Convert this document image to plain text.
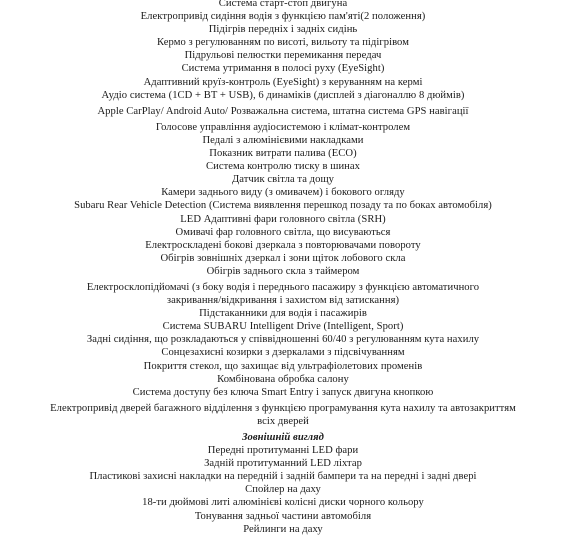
Система старт-стоп двигуна
Електропривід сидіння водія з функцією пам'яті(2 положення)
Підігрів передніх і задніх сидінь
Кермо з регулюванням по висоті, вильоту та підігрівом
Підрульові пелюстки перемикання передач
Система утримання в полосі руху (EyeSight)
Адаптивний круїз-контроль (EyeSight) з керуванням на кермі
Аудіо система (1CD + BT + USB), 6 динаміків (дисплей з діагоналлю 8 дюймів)
Apple CarPlay/ Android Auto/ Розважальна система, штатна система GPS навігації
Голосове управління аудіосистемою і клімат-контролем
Педалі з алюмінієвими накладками
Показник витрати палива (ECO)
Система контролю тиску в шинах
Датчик світла та дощу
Камери заднього виду (з омивачем) і бокового огляду
Subaru Rear Vehicle Detection (Система виявлення перешкод позаду та по боках автомобіля)
LED Адаптивні фари головного світла (SRH)
Омивачі фар головного світла, що висуваються
Електроскладені бокові дзеркала з повторювачами повороту
Обігрів зовнішніх дзеркал і зони щіток лобового скла
Обігрів заднього скла з таймером
Електросклопідйомачі (з боку водія і переднього пасажиру з функцією автоматичного
закривання/відкривання і захистом від затискання)
Підстаканники для водія і пасажирів
Система SUBARU Intelligent Drive (Intelligent, Sport)
Задні сидіння, що розкладаються у співвідношенні 60/40 з регулюванням кута нахилу
Сонцезахисні козирки з дзеркалами з підсвічуванням
Покриття стекол, що захищає від ультрафіолетових променів
Комбінована обробка салону
Система доступу без ключа Smart Entry і запуск двигуна кнопкою
Електропривід дверей багажного відділення з функцією програмування кута нахилу та автозакриттям
всіх дверей
Зовнішній вигляд
Передні протитуманні LED фари
Задній протитуманний LED ліхтар
Пластикові захисні накладки на передній і задній бампери та на передні і задні двері
Спойлер на даху
18-ти дюймові литі алюмінієві колісні диски чорного кольору
Тонування задньої частини автомобіля
Рейлинги на даху
